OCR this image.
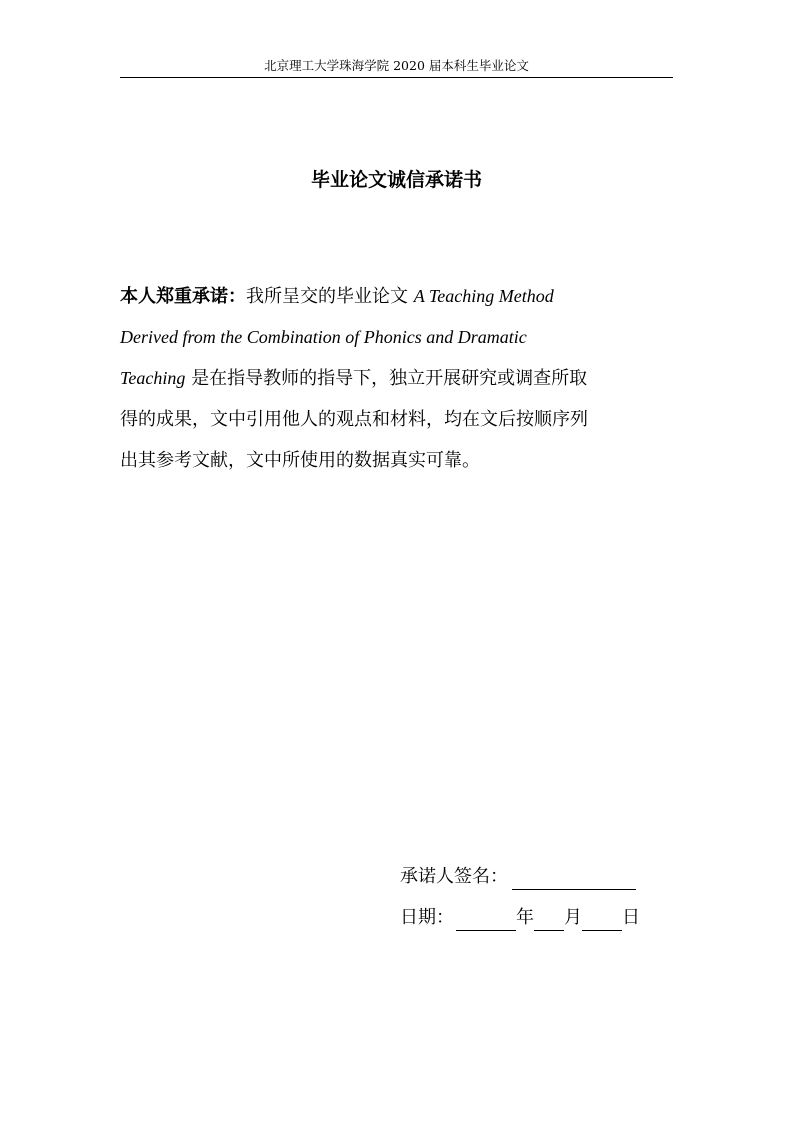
北京理工大学珠海学院 2020 届本科生毕业论文
毕业论文诚信承诺书
本人郑重承诺：我所呈交的毕业论文 A Teaching Method
Derived from the Combination of Phonics and Dramatic
Teaching 是在指导教师的指导下，独立开展研究或调查所取
得的成果，文中引用他人的观点和材料，均在文后按顺序列
出其参考文献，文中所使用的数据真实可靠。
承诺人签名：
日期：	年 月 日
